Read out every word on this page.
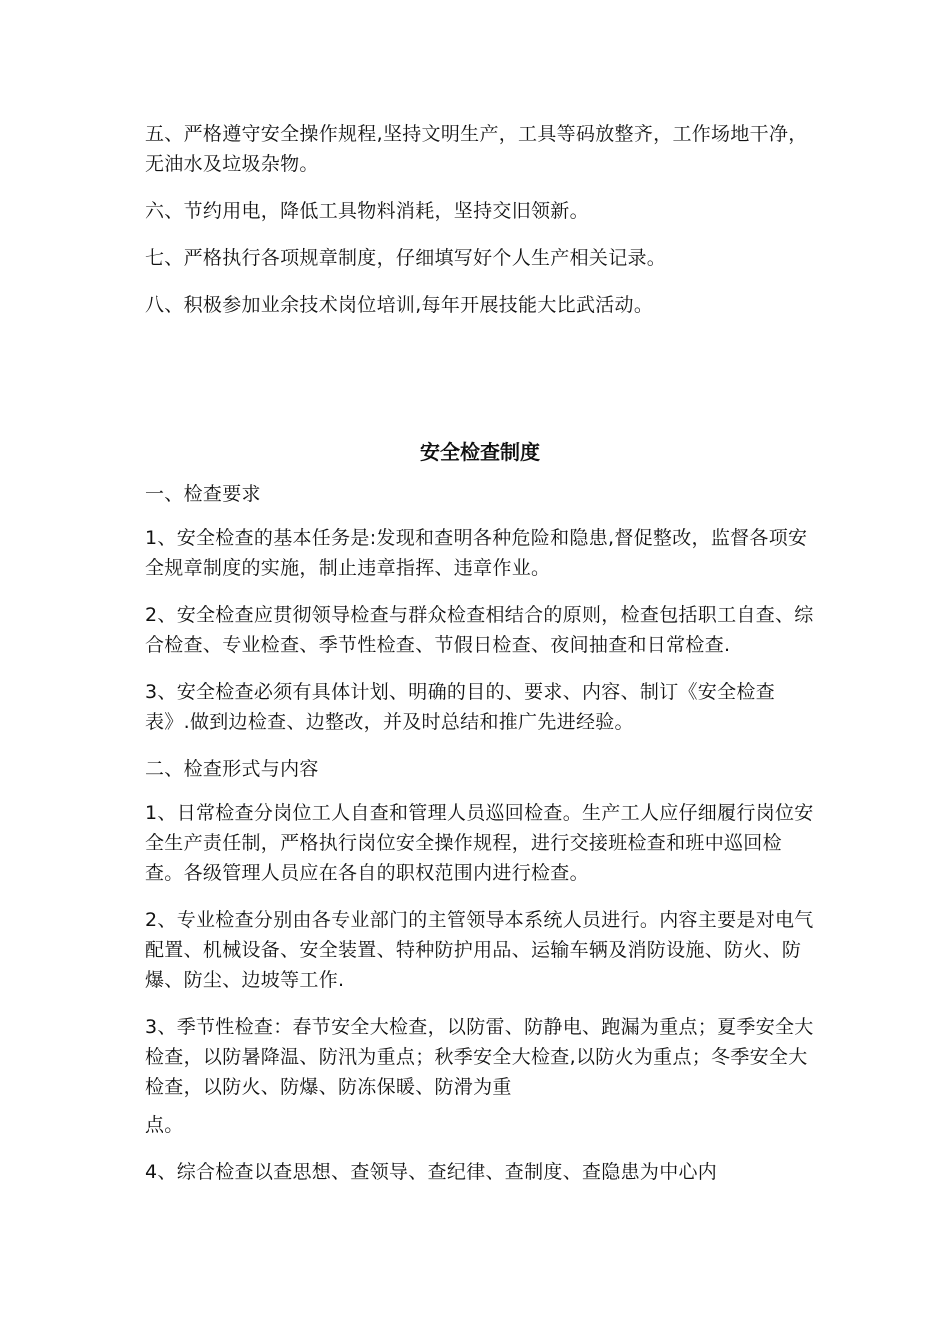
五、严格遵守安全操作规程,坚持文明生产，工具等码放整齐，工作场地干净，无油水及垃圾杂物。

六、节约用电，降低工具物料消耗，坚持交旧领新。

七、严格执行各项规章制度，仔细填写好个人生产相关记录。

八、积极参加业余技术岗位培训,每年开展技能大比武活动。

安全检查制度

一、检查要求

1、安全检查的基本任务是:发现和查明各种危险和隐患,督促整改，监督各项安全规章制度的实施，制止违章指挥、违章作业。

2、安全检查应贯彻领导检查与群众检查相结合的原则，检查包括职工自查、综合检查、专业检查、季节性检查、节假日检查、夜间抽查和日常检查.

3、安全检查必须有具体计划、明确的目的、要求、内容、制订《安全检查表》.做到边检查、边整改，并及时总结和推广先进经验。

二、检查形式与内容

1、日常检查分岗位工人自查和管理人员巡回检查。生产工人应仔细履行岗位安全生产责任制，严格执行岗位安全操作规程，进行交接班检查和班中巡回检查。各级管理人员应在各自的职权范围内进行检查。

2、专业检查分别由各专业部门的主管领导本系统人员进行。内容主要是对电气配置、机械设备、安全装置、特种防护用品、运输车辆及消防设施、防火、防爆、防尘、边坡等工作.

3、季节性检查：春节安全大检查，以防雷、防静电、跑漏为重点；夏季安全大检查，以防暑降温、防汛为重点；秋季安全大检查,以防火为重点；冬季安全大检查，以防火、防爆、防冻保暖、防滑为重

点。

4、综合检查以查思想、查领导、查纪律、查制度、查隐患为中心内
